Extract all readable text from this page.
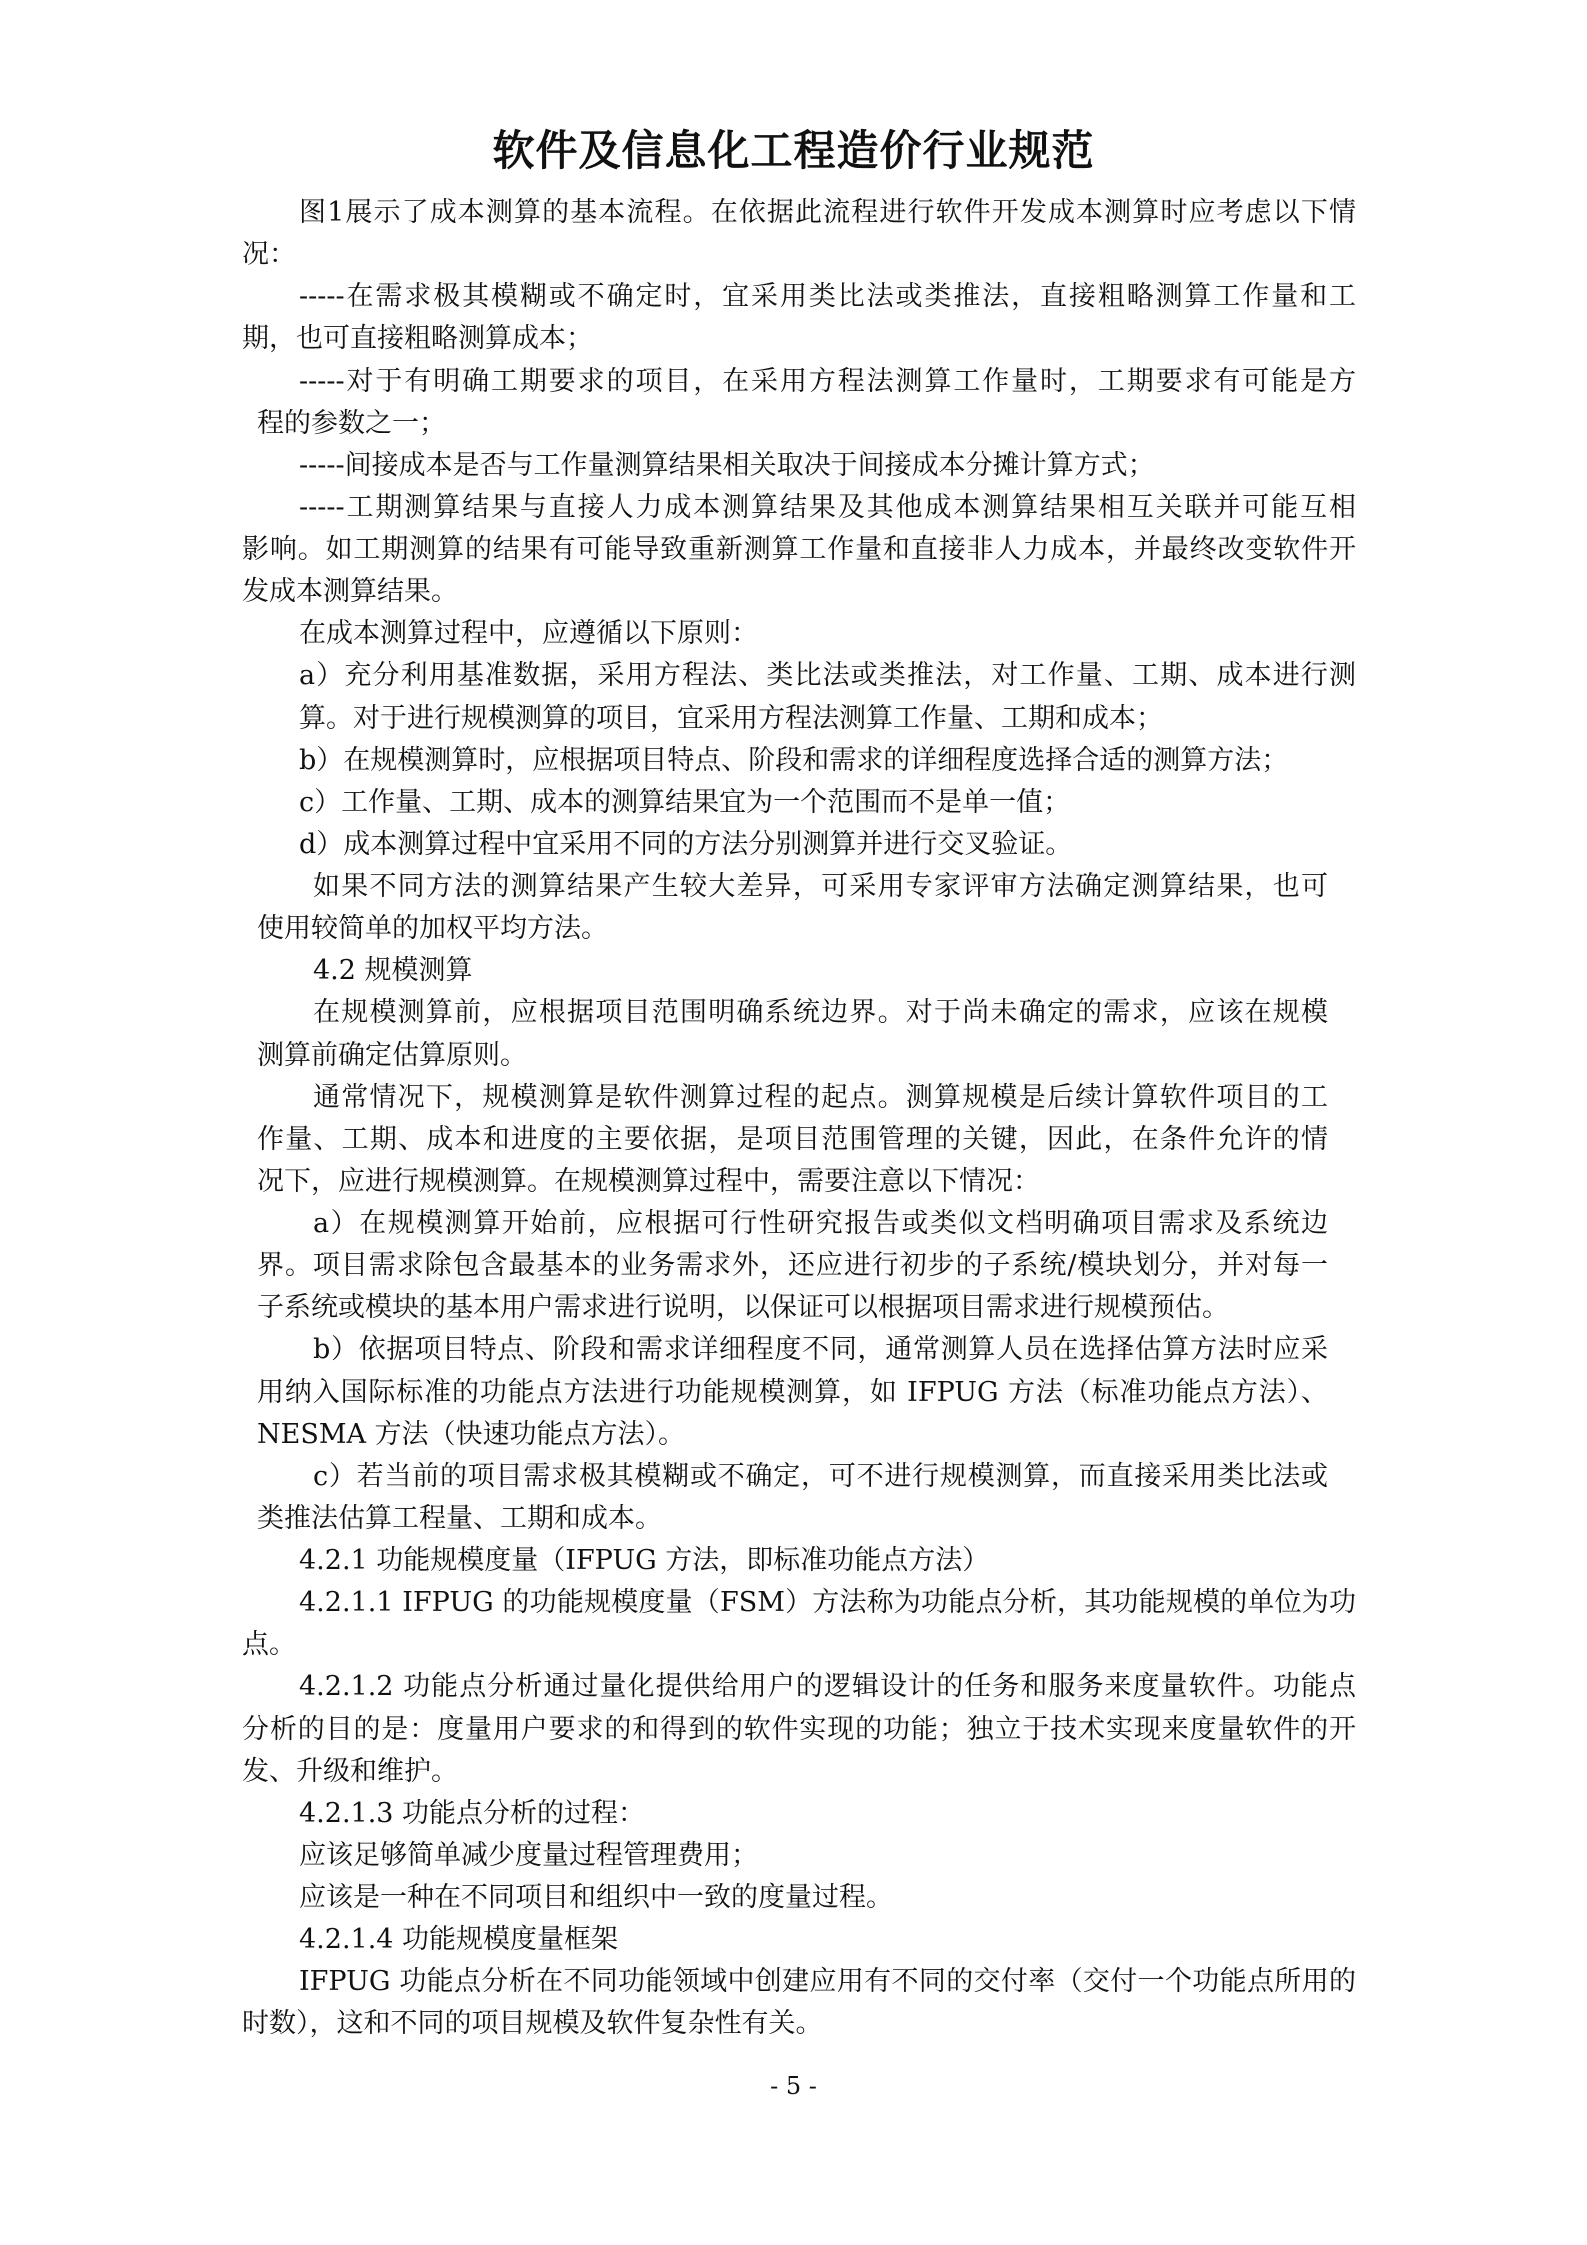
软件及信息化工程造价行业规范
图1展示了成本测算的基本流程。在依据此流程进行软件开发成本测算时应考虑以下情
况：
-----在需求极其模糊或不确定时，宜采用类比法或类推法，直接粗略测算工作量和工
期，也可直接粗略测算成本；
-----对于有明确工期要求的项目，在采用方程法测算工作量时，工期要求有可能是方
程的参数之一；
-----间接成本是否与工作量测算结果相关取决于间接成本分摊计算方式；
-----工期测算结果与直接人力成本测算结果及其他成本测算结果相互关联并可能互相
影响。如工期测算的结果有可能导致重新测算工作量和直接非人力成本，并最终改变软件开
发成本测算结果。
在成本测算过程中，应遵循以下原则：
a）充分利用基准数据，采用方程法、类比法或类推法，对工作量、工期、成本进行测
算。对于进行规模测算的项目，宜采用方程法测算工作量、工期和成本；
b）在规模测算时，应根据项目特点、阶段和需求的详细程度选择合适的测算方法；
c）工作量、工期、成本的测算结果宜为一个范围而不是单一值；
d）成本测算过程中宜采用不同的方法分别测算并进行交叉验证。
如果不同方法的测算结果产生较大差异，可采用专家评审方法确定测算结果，也可
使用较简单的加权平均方法。
4.2 规模测算
在规模测算前，应根据项目范围明确系统边界。对于尚未确定的需求，应该在规模
测算前确定估算原则。
通常情况下，规模测算是软件测算过程的起点。测算规模是后续计算软件项目的工
作量、工期、成本和进度的主要依据，是项目范围管理的关键，因此，在条件允许的情
况下，应进行规模测算。在规模测算过程中，需要注意以下情况：
a）在规模测算开始前，应根据可行性研究报告或类似文档明确项目需求及系统边
界。项目需求除包含最基本的业务需求外，还应进行初步的子系统/模块划分，并对每一
子系统或模块的基本用户需求进行说明，以保证可以根据项目需求进行规模预估。
b）依据项目特点、阶段和需求详细程度不同，通常测算人员在选择估算方法时应采
用纳入国际标准的功能点方法进行功能规模测算，如 IFPUG 方法（标准功能点方法）、
NESMA 方法（快速功能点方法）。
c）若当前的项目需求极其模糊或不确定，可不进行规模测算，而直接采用类比法或
类推法估算工程量、工期和成本。
4.2.1 功能规模度量（IFPUG 方法，即标准功能点方法）
4.2.1.1 IFPUG 的功能规模度量（FSM）方法称为功能点分析，其功能规模的单位为功
点。
4.2.1.2 功能点分析通过量化提供给用户的逻辑设计的任务和服务来度量软件。功能点
分析的目的是：度量用户要求的和得到的软件实现的功能；独立于技术实现来度量软件的开
发、升级和维护。
4.2.1.3 功能点分析的过程：
应该足够简单减少度量过程管理费用；
应该是一种在不同项目和组织中一致的度量过程。
4.2.1.4 功能规模度量框架
IFPUG 功能点分析在不同功能领域中创建应用有不同的交付率（交付一个功能点所用的
时数），这和不同的项目规模及软件复杂性有关。
- 5 -
